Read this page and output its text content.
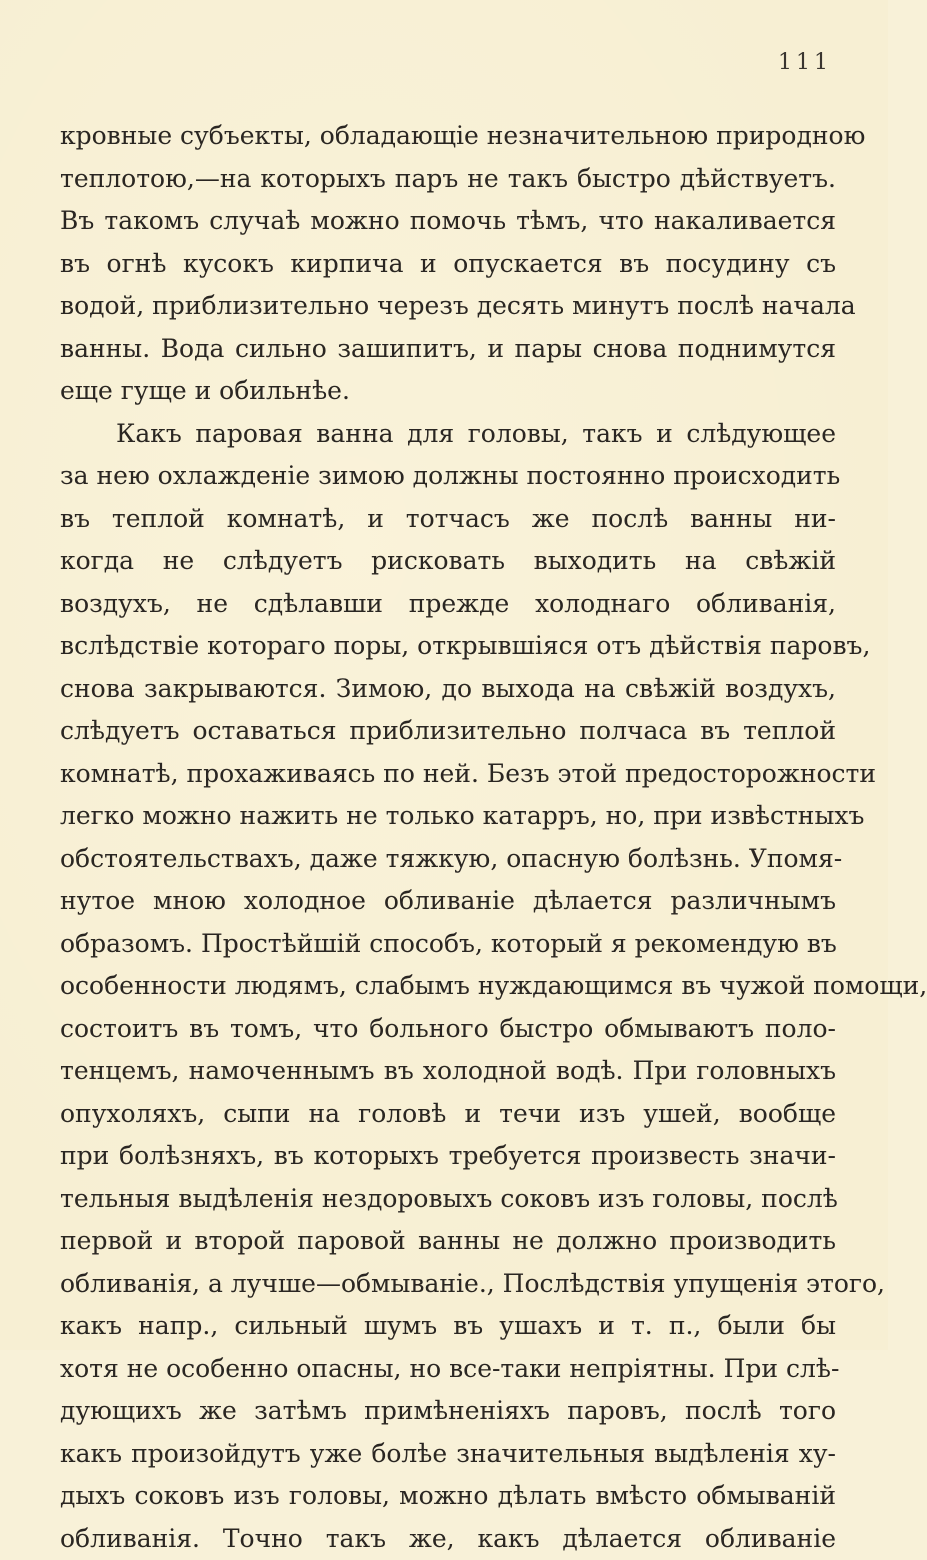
111
кровные субъекты, обладающіе незначительною природною
теплотою,—на которыхъ паръ не такъ быстро дѣйствуетъ.
Въ такомъ случаѣ можно помочь тѣмъ, что накаливается
въ огнѣ кусокъ кирпича и опускается въ посудину съ
водой, приблизительно черезъ десять минутъ послѣ начала
ванны. Вода сильно зашипитъ, и пары снова поднимутся
еще гуще и обильнѣе.
Какъ паровая ванна для головы, такъ и слѣдующее
за нею охлажденіе зимою должны постоянно происходить
въ теплой комнатѣ, и тотчасъ же послѣ ванны ни-
когда не слѣдуетъ рисковать выходить на свѣжій
воздухъ, не сдѣлавши прежде холоднаго обливанія,
вслѣдствіе котораго поры, открывшіяся отъ дѣйствія паровъ,
снова закрываются. Зимою, до выхода на свѣжій воздухъ,
слѣдуетъ оставаться приблизительно полчаса въ теплой
комнатѣ, прохаживаясь по ней. Безъ этой предосторожности
легко можно нажить не только катарръ, но, при извѣстныхъ
обстоятельствахъ, даже тяжкую, опасную болѣзнь. Упомя-
нутое мною холодное обливаніе дѣлается различнымъ
образомъ. Простѣйшій способъ, который я рекомендую въ
особенности людямъ, слабымъ нуждающимся въ чужой помощи,
состоитъ въ томъ, что больного быстро обмываютъ поло-
тенцемъ, намоченнымъ въ холодной водѣ. При головныхъ
опухоляхъ, сыпи на головѣ и течи изъ ушей, вообще
при болѣзняхъ, въ которыхъ требуется произвесть значи-
тельныя выдѣленія нездоровыхъ соковъ изъ головы, послѣ
первой и второй паровой ванны не должно производить
обливанія, а лучше—обмываніе., Послѣдствія упущенія этого,
какъ напр., сильный шумъ въ ушахъ и т. п., были бы
хотя не особенно опасны, но все-таки непріятны. При слѣ-
дующихъ же затѣмъ примѣненіяхъ паровъ, послѣ того
какъ произойдутъ уже болѣе значительныя выдѣленія ху-
дыхъ соковъ изъ головы, можно дѣлать вмѣсто обмываній
обливанія. Точно такъ же, какъ дѣлается обливаніе
